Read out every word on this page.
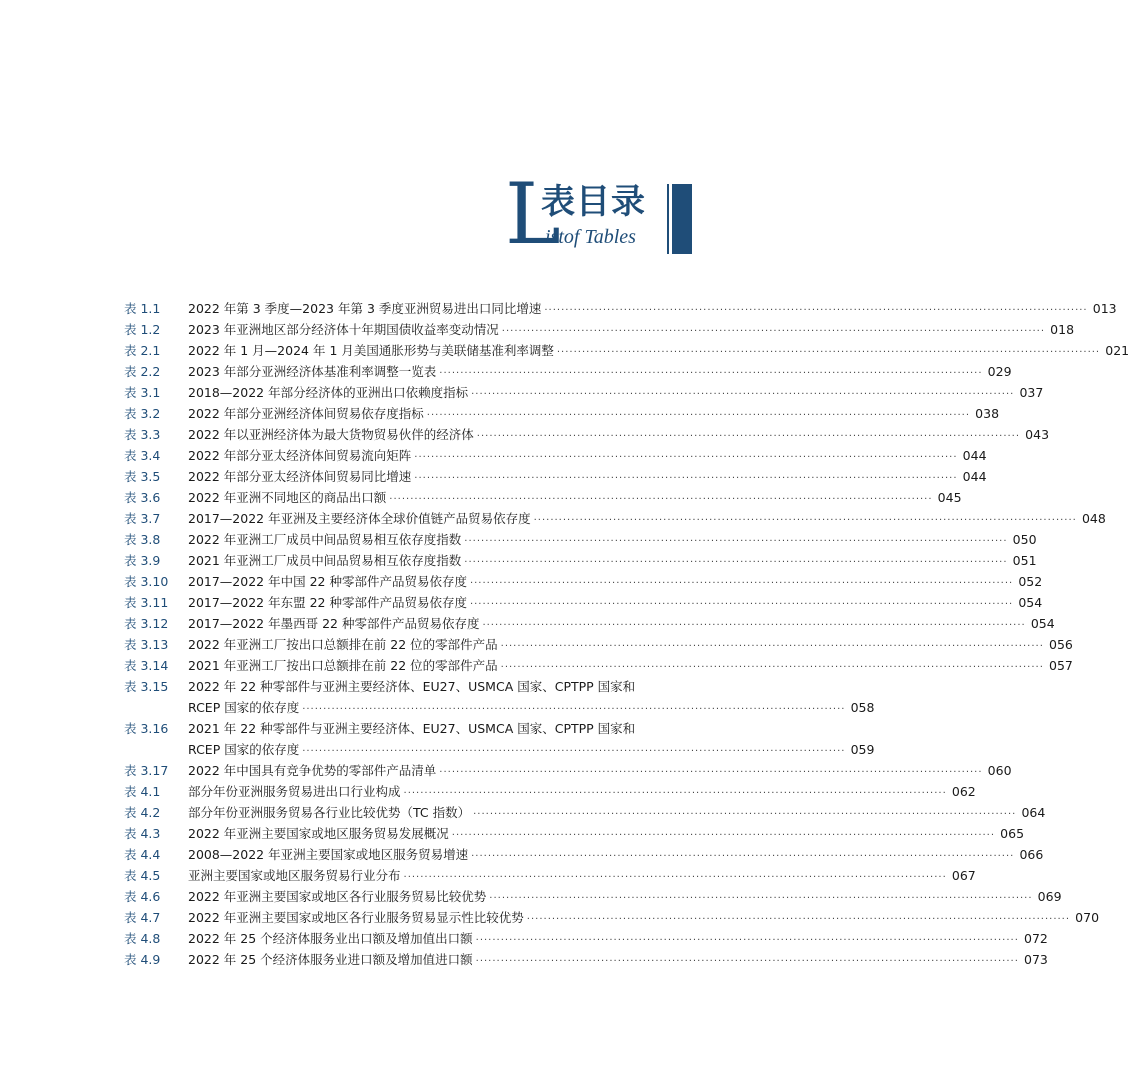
L
表目录
istof Tables
表 1.1	2022 年第 3 季度—2023 年第 3 季度亚洲贸易进出口同比增速 ·····	013
表 1.2	2023 年亚洲地区部分经济体十年期国债收益率变动情况 ·····	018
表 2.1	2022 年 1 月—2024 年 1 月美国通胀形势与美联储基准利率调整 ·····	021
表 2.2	2023 年部分亚洲经济体基准利率调整一览表 ·····	029
表 3.1	2018—2022 年部分经济体的亚洲出口依赖度指标 ·····	037
表 3.2	2022 年部分亚洲经济体间贸易依存度指标 ·····	038
表 3.3	2022 年以亚洲经济体为最大货物贸易伙伴的经济体 ·····	043
表 3.4	2022 年部分亚太经济体间贸易流向矩阵 ·····	044
表 3.5	2022 年部分亚太经济体间贸易同比增速 ·····	044
表 3.6	2022 年亚洲不同地区的商品出口额 ·····	045
表 3.7	2017—2022 年亚洲及主要经济体全球价值链产品贸易依存度 ·····	048
表 3.8	2022 年亚洲工厂成员中间品贸易相互依存度指数 ·····	050
表 3.9	2021 年亚洲工厂成员中间品贸易相互依存度指数 ·····	051
表 3.10	2017—2022 年中国 22 种零部件产品贸易依存度 ·····	052
表 3.11	2017—2022 年东盟 22 种零部件产品贸易依存度 ·····	054
表 3.12	2017—2022 年墨西哥 22 种零部件产品贸易依存度 ·····	054
表 3.13	2022 年亚洲工厂按出口总额排在前 22 位的零部件产品 ·····	056
表 3.14	2021 年亚洲工厂按出口总额排在前 22 位的零部件产品 ·····	057
表 3.15	2022 年 22 种零部件与亚洲主要经济体、EU27、USMCA 国家、CPTPP 国家和
RCEP 国家的依存度 ·····	058
表 3.16	2021 年 22 种零部件与亚洲主要经济体、EU27、USMCA 国家、CPTPP 国家和
RCEP 国家的依存度 ·····	059
表 3.17	2022 年中国具有竞争优势的零部件产品清单 ·····	060
表 4.1	部分年份亚洲服务贸易进出口行业构成 ·····	062
表 4.2	部分年份亚洲服务贸易各行业比较优势（TC 指数） ·····	064
表 4.3	2022 年亚洲主要国家或地区服务贸易发展概况 ·····	065
表 4.4	2008—2022 年亚洲主要国家或地区服务贸易增速 ·····	066
表 4.5	亚洲主要国家或地区服务贸易行业分布 ·····	067
表 4.6	2022 年亚洲主要国家或地区各行业服务贸易比较优势 ·····	069
表 4.7	2022 年亚洲主要国家或地区各行业服务贸易显示性比较优势 ·····	070
表 4.8	2022 年 25 个经济体服务业出口额及增加值出口额 ·····	072
表 4.9	2022 年 25 个经济体服务业进口额及增加值进口额 ·····	073
